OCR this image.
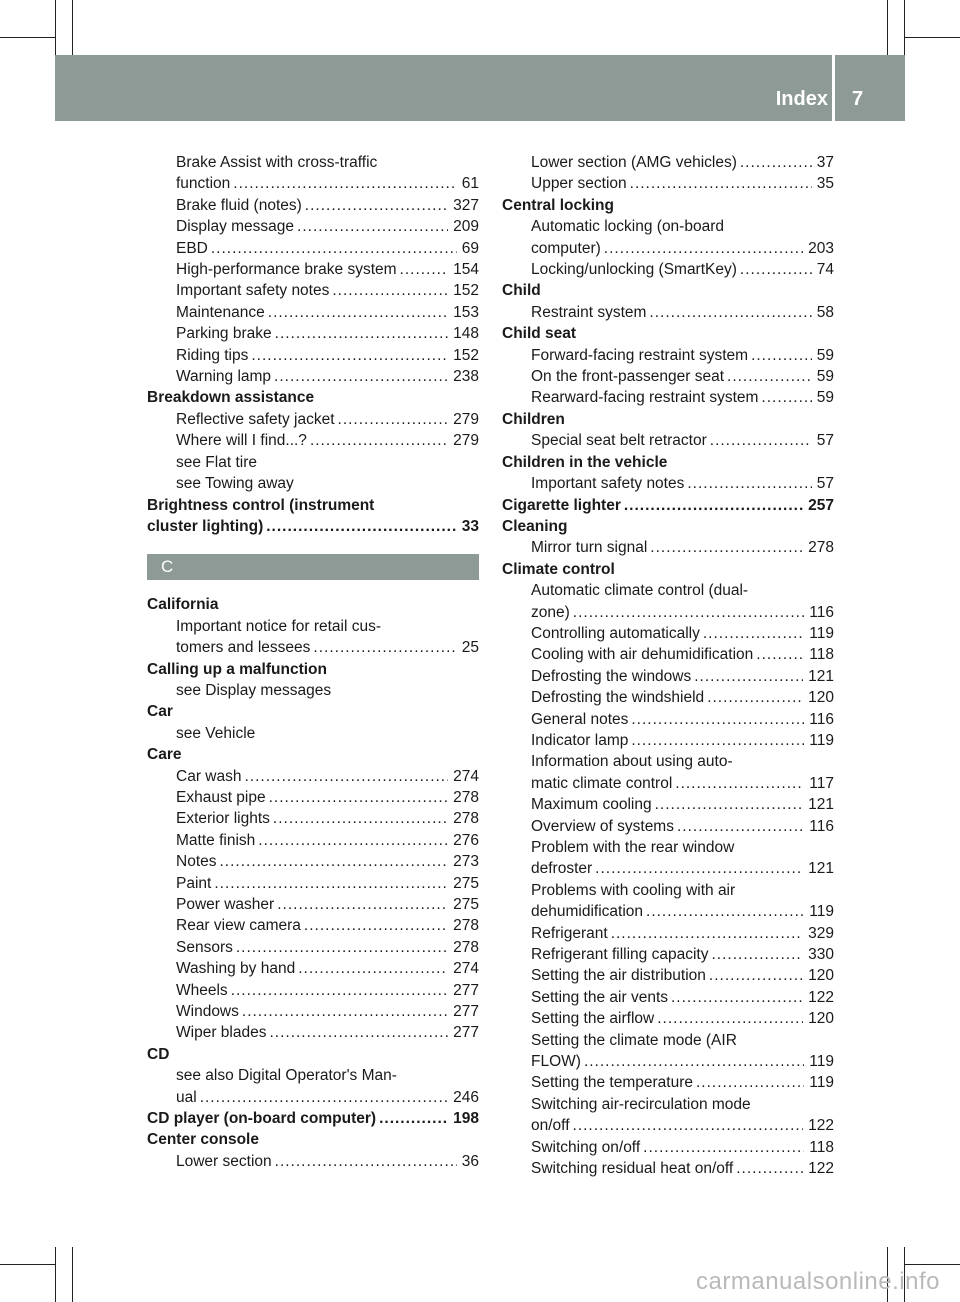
Index 7
Brake Assist with cross-traffic
function .....	61
Brake fluid (notes) .....	327
Display message .....	209
EBD .....	69
High-performance brake system .....	154
Important safety notes .....	152
Maintenance .....	153
Parking brake .....	148
Riding tips .....	152
Warning lamp .....	238
Breakdown assistance
Reflective safety jacket .....	279
Where will I find...? .....	279
see Flat tire
see Towing away
Brightness control (instrument
cluster lighting) .....	33
C
California
Important notice for retail cus-
tomers and lessees .....	25
Calling up a malfunction
see Display messages
Car
see Vehicle
Care
Car wash .....	274
Exhaust pipe .....	278
Exterior lights .....	278
Matte finish .....	276
Notes .....	273
Paint .....	275
Power washer .....	275
Rear view camera .....	278
Sensors .....	278
Washing by hand .....	274
Wheels .....	277
Windows .....	277
Wiper blades .....	277
CD
see also Digital Operator's Man-
ual .....	246
CD player (on-board computer) .....	198
Center console
Lower section .....	36
Lower section (AMG vehicles) .....	37
Upper section .....	35
Central locking
Automatic locking (on-board
computer) .....	203
Locking/unlocking (SmartKey) .....	74
Child
Restraint system .....	58
Child seat
Forward-facing restraint system .....	59
On the front-passenger seat .....	59
Rearward-facing restraint system .....	59
Children
Special seat belt retractor .....	57
Children in the vehicle
Important safety notes .....	57
Cigarette lighter .....	257
Cleaning
Mirror turn signal .....	278
Climate control
Automatic climate control (dual-
zone) .....	116
Controlling automatically .....	119
Cooling with air dehumidification .....	118
Defrosting the windows .....	121
Defrosting the windshield .....	120
General notes .....	116
Indicator lamp .....	119
Information about using auto-
matic climate control .....	117
Maximum cooling .....	121
Overview of systems .....	116
Problem with the rear window
defroster .....	121
Problems with cooling with air
dehumidification .....	119
Refrigerant .....	329
Refrigerant filling capacity .....	330
Setting the air distribution .....	120
Setting the air vents .....	122
Setting the airflow .....	120
Setting the climate mode (AIR
FLOW) .....	119
Setting the temperature .....	119
Switching air-recirculation mode
on/off .....	122
Switching on/off .....	118
Switching residual heat on/off .....	122
carmanualsonline.info
